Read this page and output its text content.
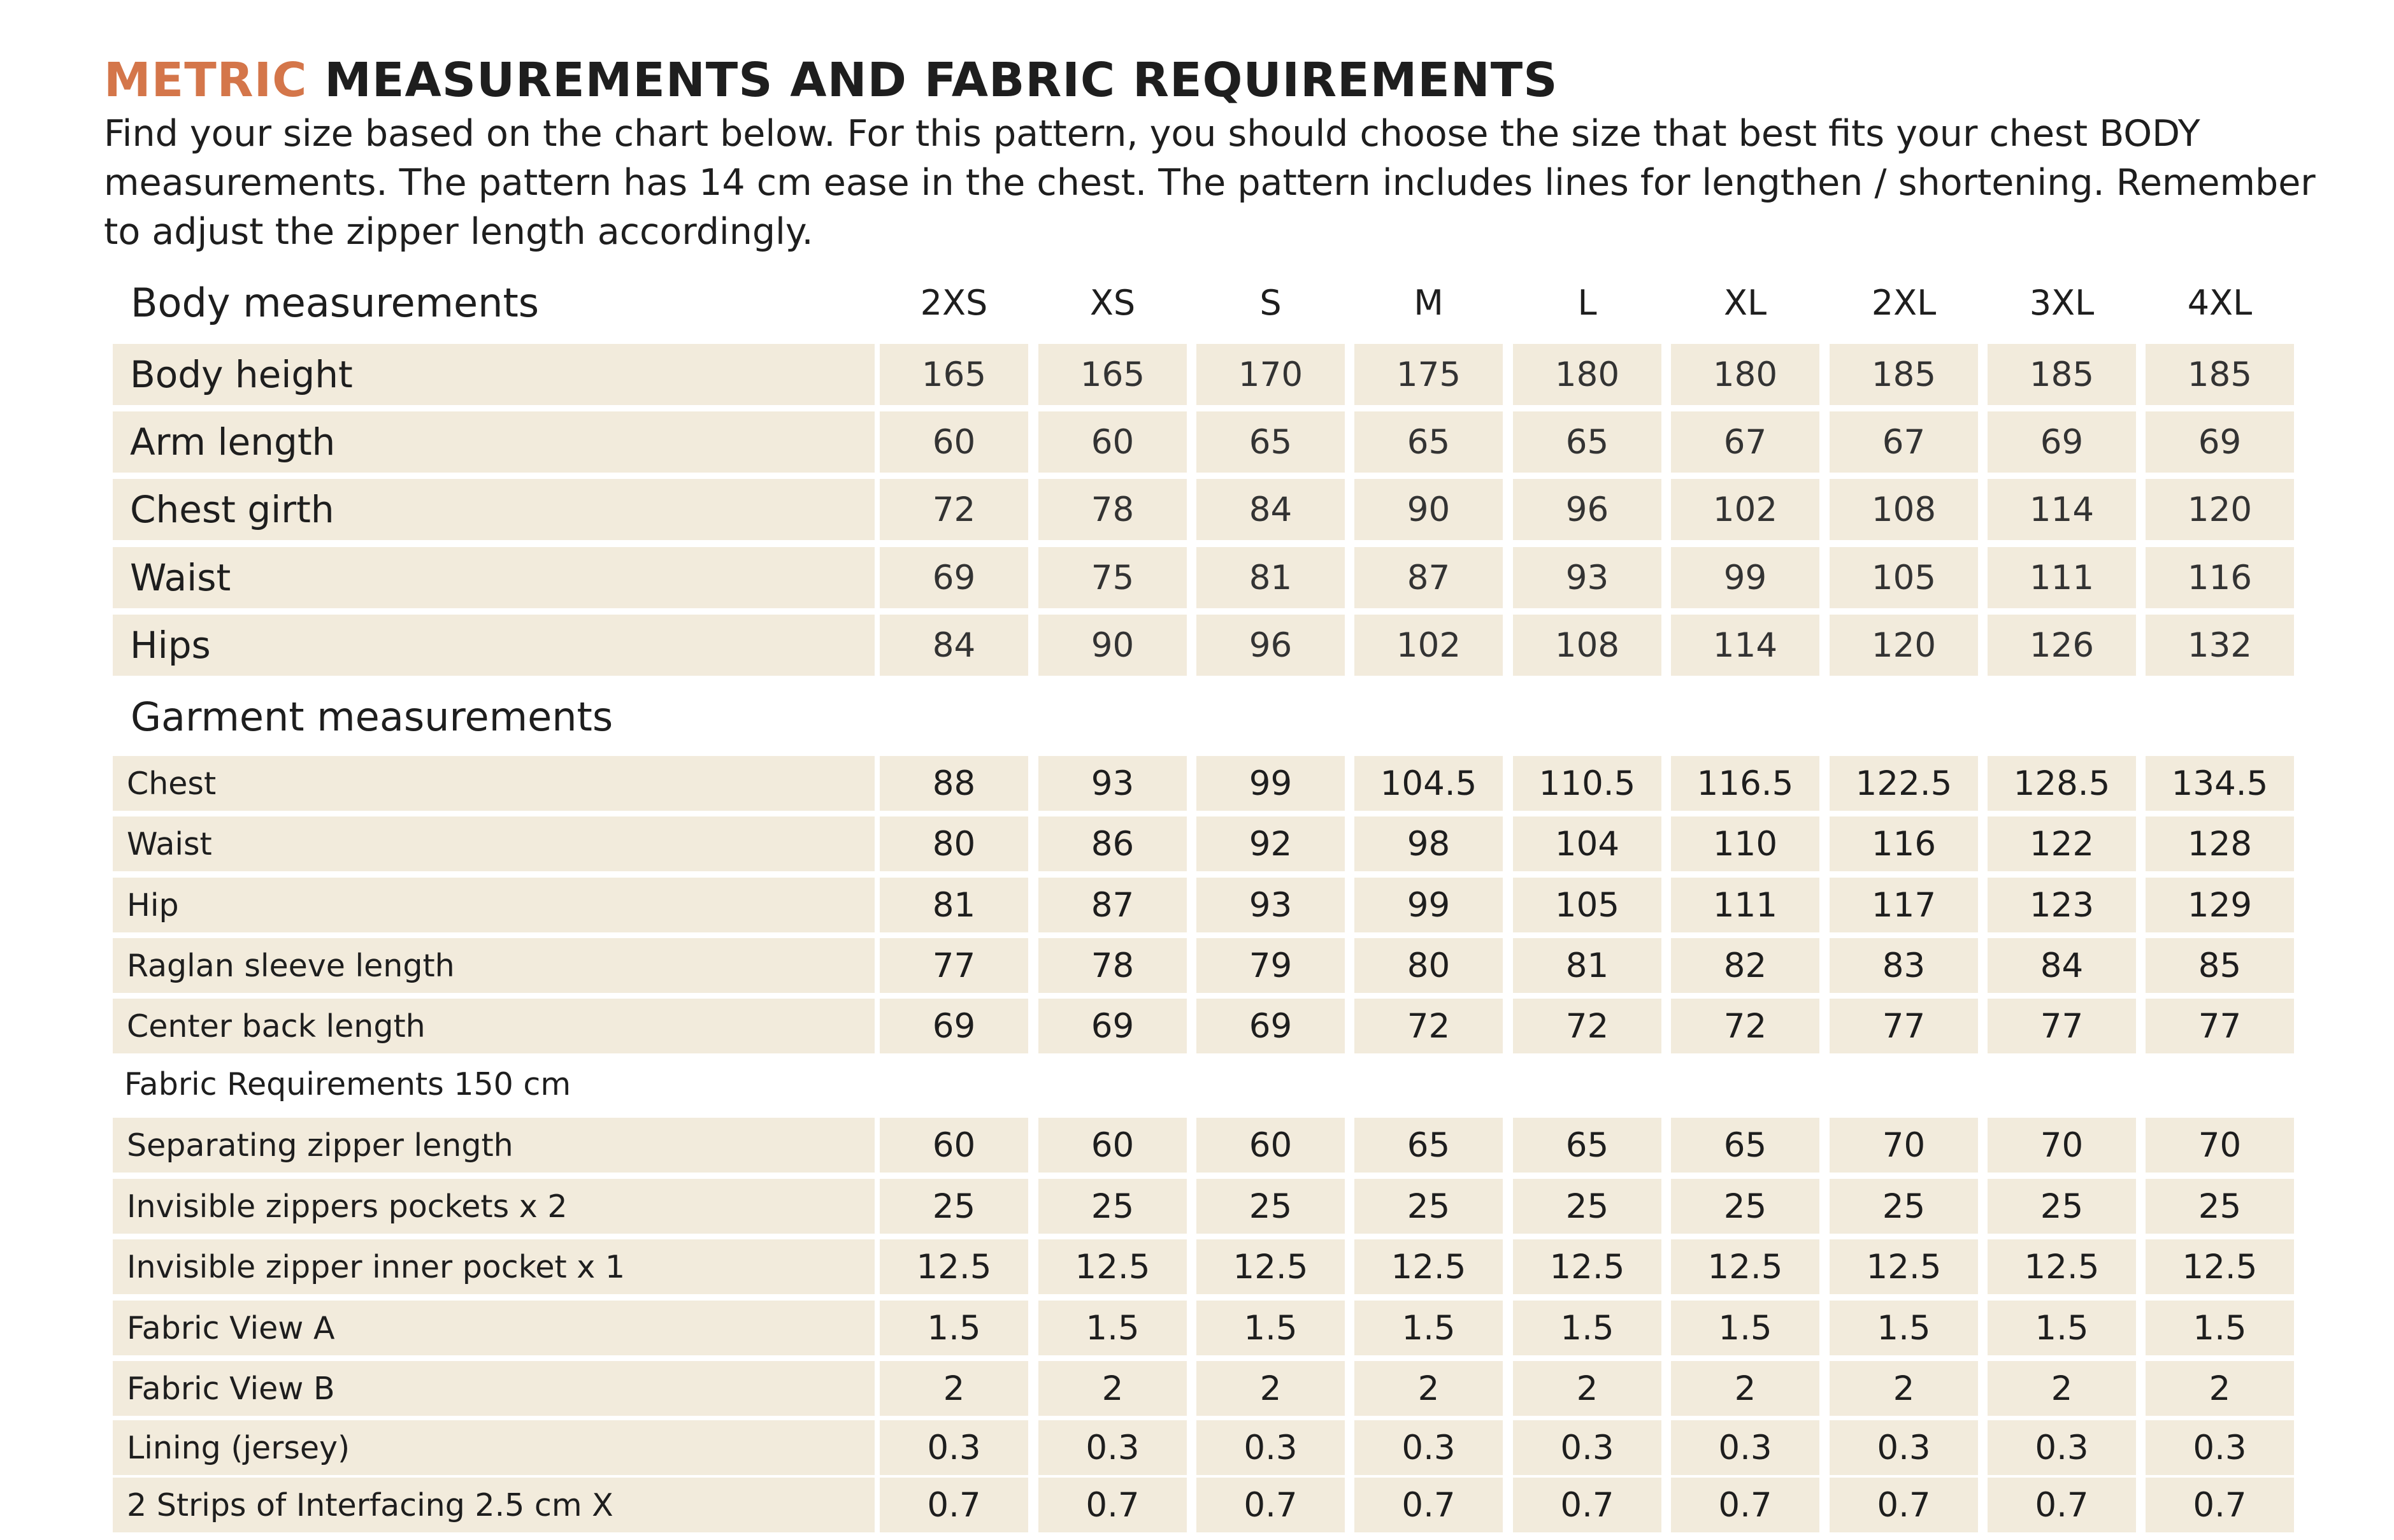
METRIC MEASUREMENTS AND FABRIC REQUIREMENTS

Find your size based on the chart below. For this pattern, you should choose the size that best fits your chest BODY
measurements. The pattern has 14 cm ease in the chest. The pattern includes lines for lengthen / shortening. Remember
to adjust the zipper length accordingly.

Body measurements	2XS	XS	S	M	L	XL	2XL	3XL	4XL
Body height	165	165	170	175	180	180	185	185	185
Arm length	60	60	65	65	65	67	67	69	69
Chest girth	72	78	84	90	96	102	108	114	120
Waist	69	75	81	87	93	99	105	111	116
Hips	84	90	96	102	108	114	120	126	132
Garment measurements
Chest	88	93	99	104.5	110.5	116.5	122.5	128.5	134.5
Waist	80	86	92	98	104	110	116	122	128
Hip	81	87	93	99	105	111	117	123	129
Raglan sleeve length	77	78	79	80	81	82	83	84	85
Center back length	69	69	69	72	72	72	77	77	77
Fabric Requirements 150 cm
Separating zipper length	60	60	60	65	65	65	70	70	70
Invisible zippers pockets x 2	25	25	25	25	25	25	25	25	25
Invisible zipper inner pocket x 1	12.5	12.5	12.5	12.5	12.5	12.5	12.5	12.5	12.5
Fabric View A	1.5	1.5	1.5	1.5	1.5	1.5	1.5	1.5	1.5
Fabric View B	2	2	2	2	2	2	2	2	2
Lining (jersey)	0.3	0.3	0.3	0.3	0.3	0.3	0.3	0.3	0.3
2 Strips of Interfacing 2.5 cm X	0.7	0.7	0.7	0.7	0.7	0.7	0.7	0.7	0.7
